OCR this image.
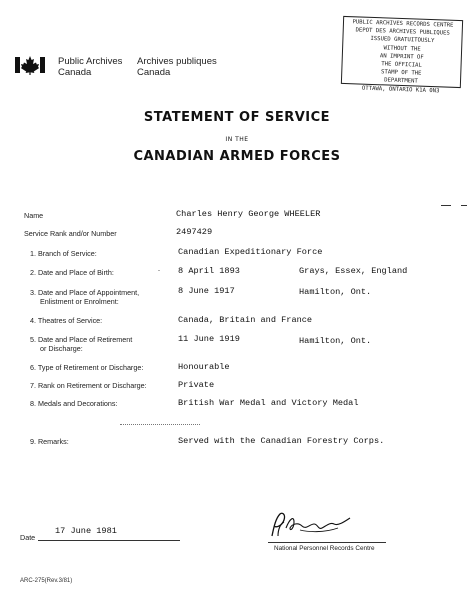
Public Archives
Canada
Archives publiques
Canada
PUBLIC ARCHIVES RECORDS CENTRE
DEPOT DES ARCHIVES PUBLIQUES
ISSUED GRATUITOUSLY
WITHOUT THE
AN IMPRINT OF
THE OFFICIAL
STAMP OF THE
DEPARTMENT
OTTAWA, ONTARIO K1A 0N3
STATEMENT OF SERVICE
IN THE
CANADIAN ARMED FORCES
Name	Charles Henry George WHEELER
Service Rank and/or Number	2497429
1. Branch of Service:	Canadian Expeditionary Force
2. Date and Place of Birth:	- 8 April 1893	Grays, Essex, England
3. Date and Place of Appointment,
Enlistment or Enrolment:
8 June 1917	Hamilton, Ont.
4. Theatres of Service:	Canada, Britain and France
5. Date and Place of Retirement
or Discharge:
11 June 1919	Hamilton, Ont.
6. Type of Retirement or Discharge:	Honourable
7. Rank on Retirement or Discharge:	Private
8. Medals and Decorations:	British War Medal and Victory Medal
9. Remarks:	Served with the Canadian Forestry Corps.
Date
17 June 1981
National Personnel Records Centre
ARC-275(Rev.3/81)
